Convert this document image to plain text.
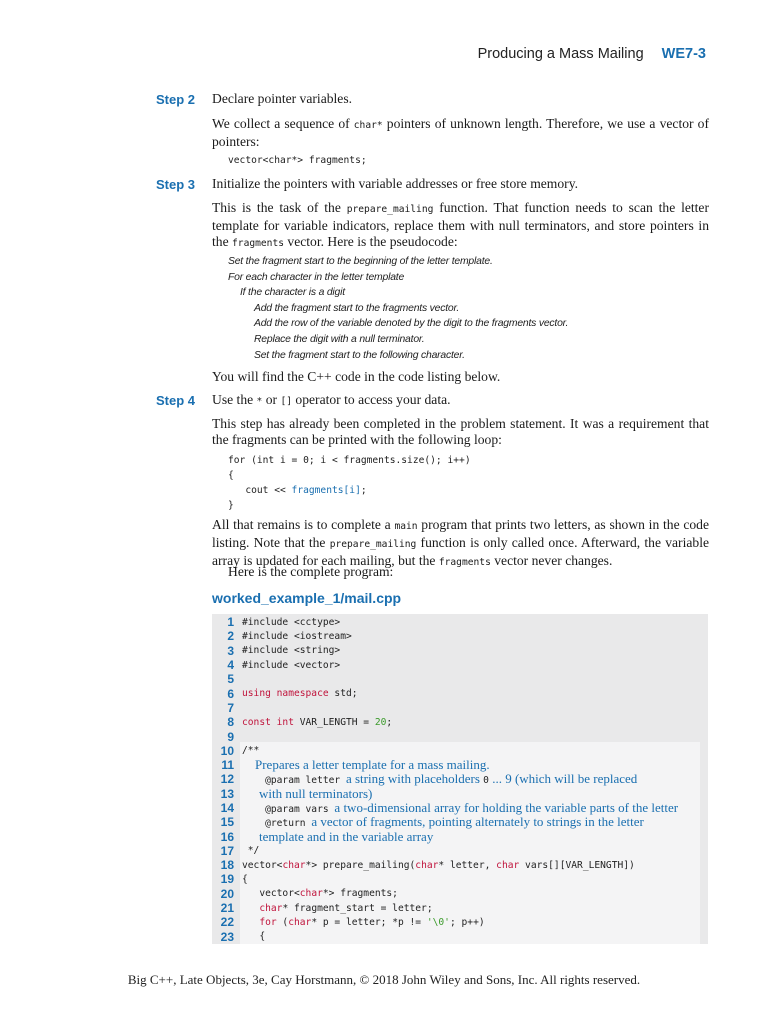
Producing a Mass Mailing WE7-3
Step 2 Declare pointer variables.
We collect a sequence of char* pointers of unknown length. Therefore, we use a vector of pointers:
vector<char*> fragments;
Step 3 Initialize the pointers with variable addresses or free store memory.
This is the task of the prepare_mailing function. That function needs to scan the letter template for variable indicators, replace them with null terminators, and store pointers in the fragments vector. Here is the pseudocode:
Set the fragment start to the beginning of the letter template.
For each character in the letter template
If the character is a digit
Add the fragment start to the fragments vector.
Add the row of the variable denoted by the digit to the fragments vector.
Replace the digit with a null terminator.
Set the fragment start to the following character.
You will find the C++ code in the code listing below.
Step 4 Use the * or [] operator to access your data.
This step has already been completed in the problem statement. It was a requirement that the fragments can be printed with the following loop:
for (int i = 0; i < fragments.size(); i++)
{
cout << fragments[i];
}
All that remains is to complete a main program that prints two letters, as shown in the code listing. Note that the prepare_mailing function is only called once. Afterward, the variable array is updated for each mailing, but the fragments vector never changes.
Here is the complete program:
worked_example_1/mail.cpp
1 #include <cctype>
2 #include <iostream>
3 #include <string>
4 #include <vector>
5
6 using namespace std;
7
8 const int VAR_LENGTH = 20;
9
10 /**
11 Prepares a letter template for a mass mailing.
12 @param letter a string with placeholders 0 ... 9 (which will be replaced
13	with null terminators)
14 @param vars a two-dimensional array for holding the variable parts of the letter
15 @return a vector of fragments, pointing alternately to strings in the letter
16	template and in the variable array
17 */
18 vector<char*> prepare_mailing(char* letter, char vars[][VAR_LENGTH])
19 {
20 vector<char*> fragments;
21 char* fragment_start = letter;
22 for (char* p = letter; *p != '\0'; p++)
23 {
Big C++, Late Objects, 3e, Cay Horstmann, © 2018 John Wiley and Sons, Inc. All rights reserved.
